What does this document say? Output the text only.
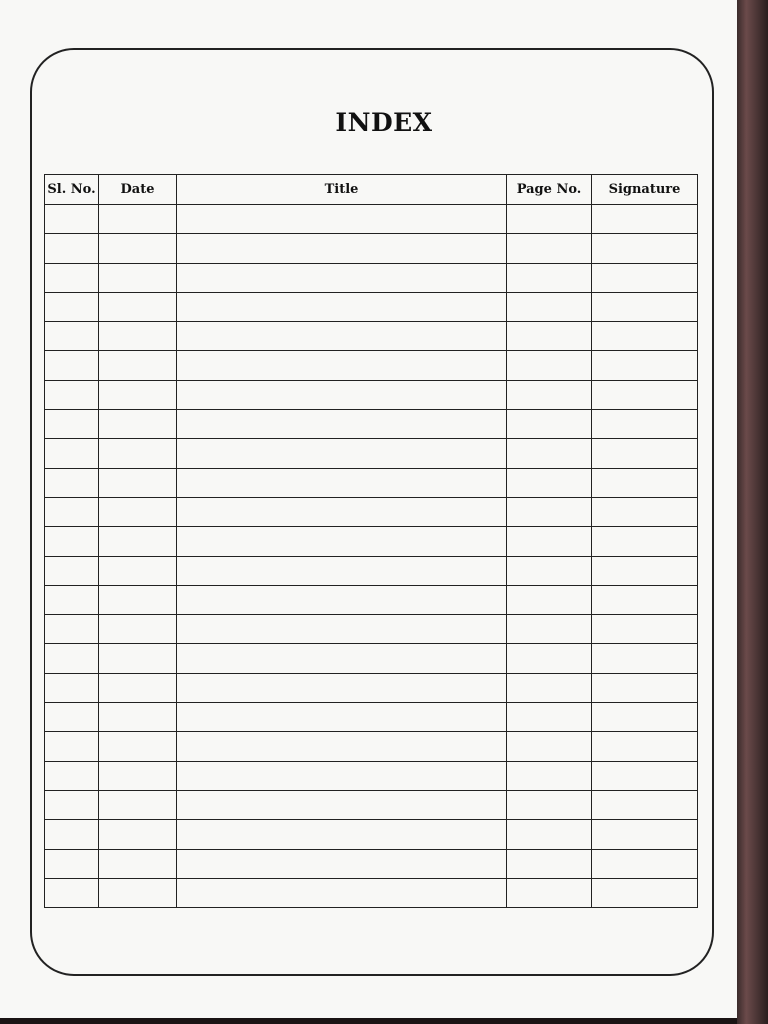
INDEX
Sl. No.	Date	Title	Page No.	Signature
